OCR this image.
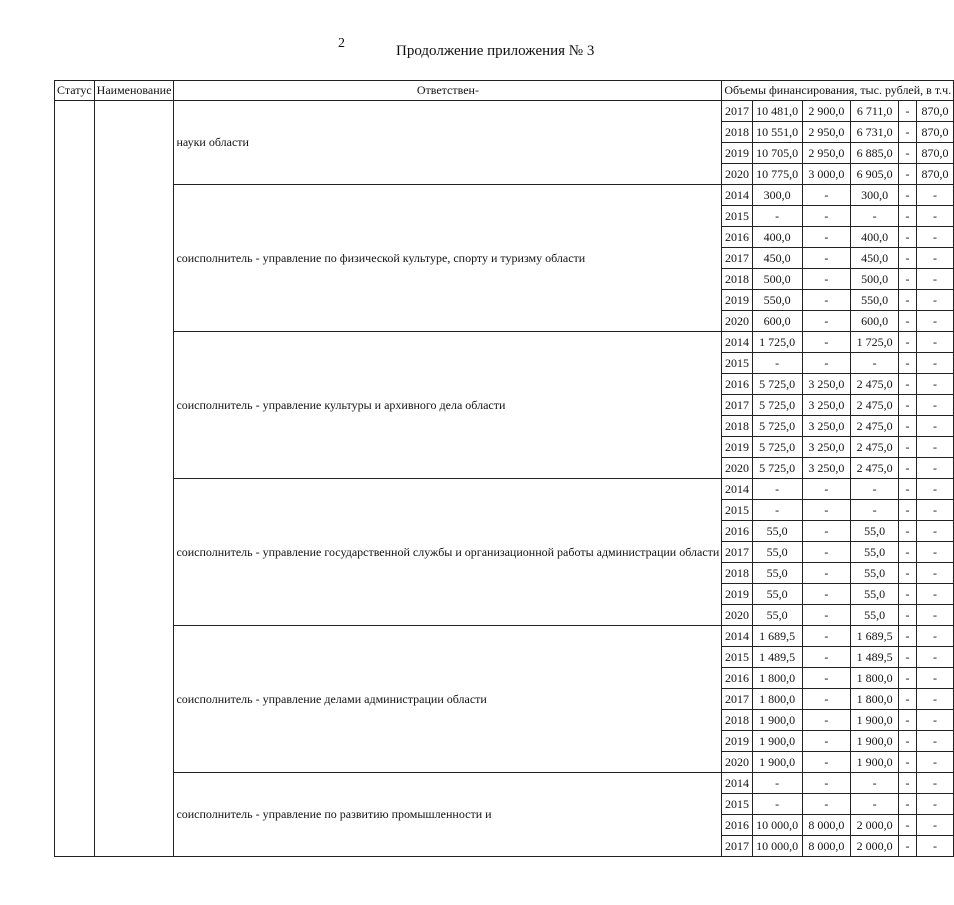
2	Продолжение приложения № 3
Статус	Наименование	Ответствен-	Объемы финансирования, тыс. рублей, в т.ч.					
		науки области	2017	10 481,0	2 900,0	6 711,0	-	870,0
			2018	10 551,0	2 950,0	6 731,0	-	870,0
			2019	10 705,0	2 950,0	6 885,0	-	870,0
			2020	10 775,0	3 000,0	6 905,0	-	870,0
		соисполнитель - управление по физической культуре, спорту и туризму области	2014	300,0	-	300,0	-	-
			2015	-	-	-	-	-
			2016	400,0	-	400,0	-	-
			2017	450,0	-	450,0	-	-
			2018	500,0	-	500,0	-	-
			2019	550,0	-	550,0	-	-
			2020	600,0	-	600,0	-	-
		соисполнитель - управление культуры и архивного дела области	2014	1 725,0	-	1 725,0	-	-
			2015	-	-	-	-	-
			2016	5 725,0	3 250,0	2 475,0	-	-
			2017	5 725,0	3 250,0	2 475,0	-	-
			2018	5 725,0	3 250,0	2 475,0	-	-
			2019	5 725,0	3 250,0	2 475,0	-	-
			2020	5 725,0	3 250,0	2 475,0	-	-
		соисполнитель - управление государственной службы и организационной работы администрации области	2014	-	-	-	-	-
			2015	-	-	-	-	-
			2016	55,0	-	55,0	-	-
			2017	55,0	-	55,0	-	-
			2018	55,0	-	55,0	-	-
			2019	55,0	-	55,0	-	-
			2020	55,0	-	55,0	-	-
		соисполнитель - управление делами администрации области	2014	1 689,5	-	1 689,5	-	-
			2015	1 489,5	-	1 489,5	-	-
			2016	1 800,0	-	1 800,0	-	-
			2017	1 800,0	-	1 800,0	-	-
			2018	1 900,0	-	1 900,0	-	-
			2019	1 900,0	-	1 900,0	-	-
			2020	1 900,0	-	1 900,0	-	-
		соисполнитель - управление по развитию промышленности и	2014	-	-	-	-	-
			2015	-	-	-	-	-
			2016	10 000,0	8 000,0	2 000,0	-	-
			2017	10 000,0	8 000,0	2 000,0	-	-
